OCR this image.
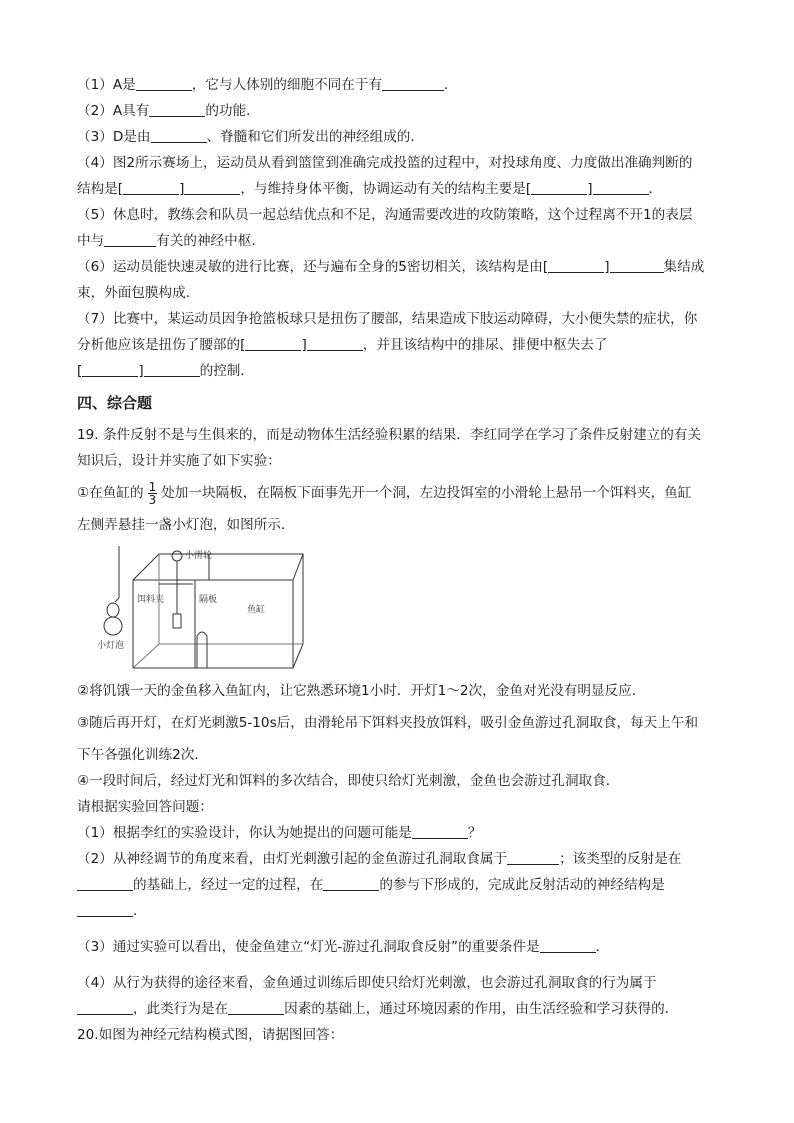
（1）A是	，它与人体别的细胞不同在于有	．
（2）A具有	的功能．
（3）D是由	、脊髓和它们所发出的神经组成的．
（4）图2所示赛场上，运动员从看到篮筐到准确完成投篮的过程中，对投球角度、力度做出准确判断的
结构是[	]	，与维持身体平衡，协调运动有关的结构主要是[	]	．
（5）休息时，教练会和队员一起总结优点和不足，沟通需要改进的攻防策略，这个过程离不开1的表层
中与	有关的神经中枢．
（6）运动员能快速灵敏的进行比赛，还与遍布全身的5密切相关，该结构是由[	]	集结成
束，外面包膜构成．
（7）比赛中，某运动员因争抢篮板球只是扭伤了腰部，结果造成下肢运动障碍，大小便失禁的症状，你
分析他应该是扭伤了腰部的[	]	，并且该结构中的排尿、排便中枢失去了
[	]	的控制．
四、综合题
19. 条件反射不是与生俱来的，而是动物体生活经验积累的结果．李红同学在学习了条件反射建立的有关
知识后，设计并实施了如下实验：
①在鱼缸的 $\frac{1}{3}$ 处加一块隔板，在隔板下面事先开一个洞，左边投饵室的小滑轮上悬吊一个饵料夹，鱼缸
左侧弄悬挂一盏小灯泡，如图所示．
小滑轮
饵料夹	隔板
鱼缸
小灯泡
②将饥饿一天的金鱼移入鱼缸内，让它熟悉环境1小时．开灯1～2次，金鱼对光没有明显反应．
③随后再开灯，在灯光刺激5-10s后，由滑轮吊下饵料夹投放饵料，吸引金鱼游过孔洞取食，每天上午和
下午各强化训练2次．
④一段时间后，经过灯光和饵料的多次结合，即使只给灯光刺激，金鱼也会游过孔洞取食．
请根据实验回答问题：
（1）根据李红的实验设计，你认为她提出的问题可能是	？
（2）从神经调节的角度来看，由灯光刺激引起的金鱼游过孔洞取食属于	；该类型的反射是在
的基础上，经过一定的过程，在	的参与下形成的，完成此反射活动的神经结构是
．
（3）通过实验可以看出，使金鱼建立“灯光-游过孔洞取食反射”的重要条件是	．
（4）从行为获得的途径来看，金鱼通过训练后即使只给灯光刺激，也会游过孔洞取食的行为属于
，此类行为是在	因素的基础上，通过环境因素的作用，由生活经验和学习获得的．
20.如图为神经元结构模式图，请据图回答：
